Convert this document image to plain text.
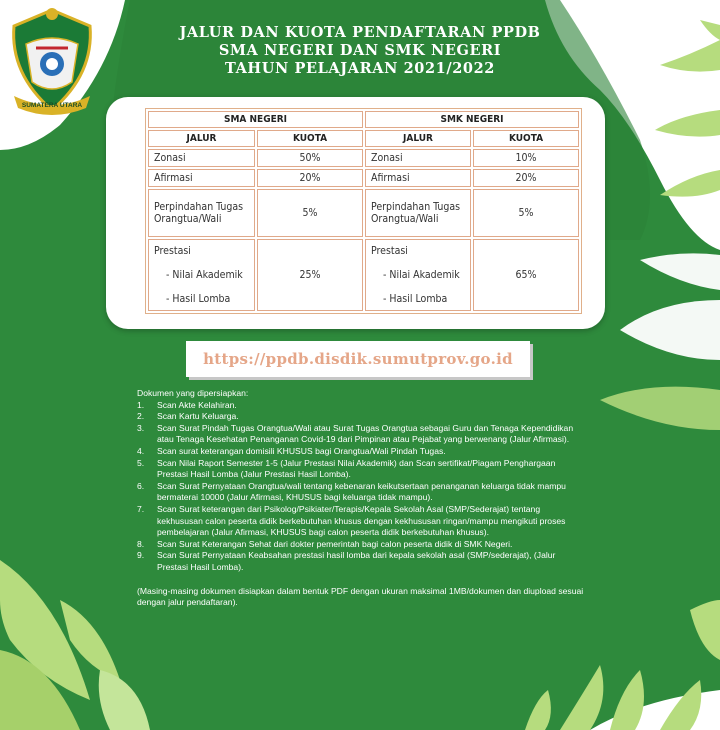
SUMATERA UTARA
JALUR DAN KUOTA PENDAFTARAN PPDB
SMA NEGERI DAN SMK NEGERI
TAHUN PELAJARAN 2021/2022
SMA NEGERI		SMK NEGERI	
JALUR	KUOTA	JALUR	KUOTA
Zonasi	50%	Zonasi	10%
Afirmasi	20%	Afirmasi	20%
Perpindahan Tugas Orangtua/Wali	5%	Perpindahan Tugas Orangtua/Wali	5%
Prestasi
- Nilai Akademik
- Hasil Lomba	25%	Prestasi
- Nilai Akademik
- Hasil Lomba	65%
https://ppdb.disdik.sumutprov.go.id
Dokumen yang dipersiapkan:
1. Scan Akte Kelahiran.
2. Scan Kartu Keluarga.
3. Scan Surat Pindah Tugas Orangtua/Wali atau Surat Tugas Orangtua sebagai Guru dan Tenaga Kependidikan atau Tenaga Kesehatan Penanganan Covid-19 dari Pimpinan atau Pejabat yang berwenang (Jalur Afirmasi).
4. Scan surat keterangan domisili KHUSUS bagi Orangtua/Wali Pindah Tugas.
5. Scan Nilai Raport Semester 1-5 (Jalur Prestasi Nilai Akademik) dan Scan sertifikat/Piagam Penghargaan Prestasi Hasil Lomba (Jalur Prestasi Hasil Lomba).
6. Scan Surat Pernyataan Orangtua/wali tentang kebenaran keikutsertaan penanganan keluarga tidak mampu bermaterai 10000 (Jalur Afirmasi, KHUSUS bagi keluarga tidak mampu).
7. Scan Surat keterangan dari Psikolog/Psikiater/Terapis/Kepala Sekolah Asal (SMP/Sederajat) tentang kekhususan calon peserta didik berkebutuhan khusus dengan kekhususan ringan/mampu mengikuti proses pembelajaran (Jalur Afirmasi, KHUSUS bagi calon peserta didik berkebutuhan khusus).
8. Scan Surat Keterangan Sehat dari dokter pemerintah bagi calon peserta didik di SMK Negeri.
9. Scan Surat Pernyataan Keabsahan prestasi hasil lomba dari kepala sekolah asal (SMP/sederajat), (Jalur Prestasi Hasil Lomba).
(Masing-masing dokumen disiapkan dalam bentuk PDF dengan ukuran maksimal 1MB/dokumen dan diupload sesuai dengan jalur pendaftaran).
